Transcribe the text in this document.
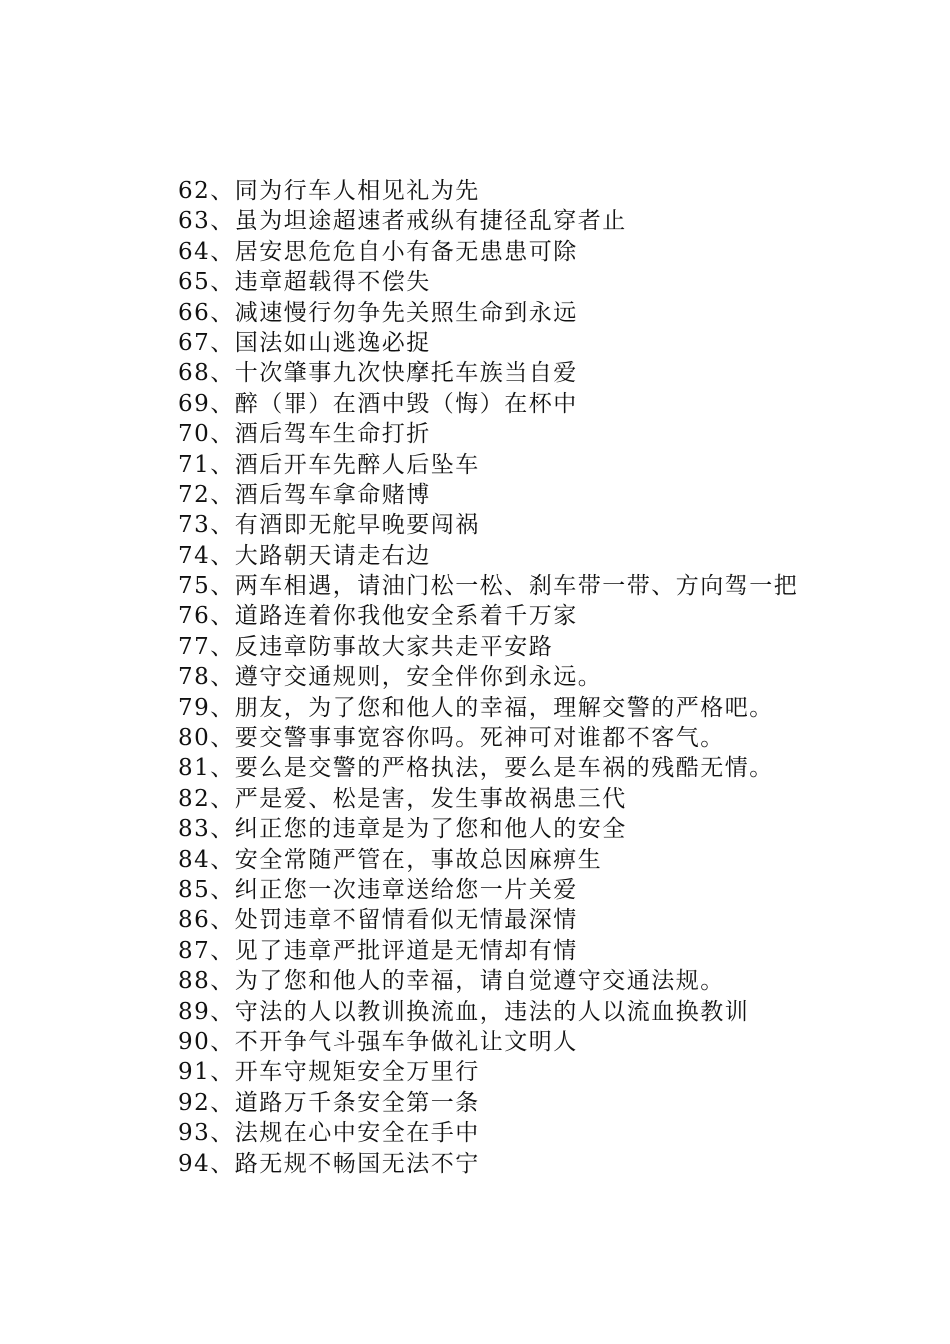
62、同为行车人相见礼为先
63、虽为坦途超速者戒纵有捷径乱穿者止
64、居安思危危自小有备无患患可除
65、违章超载得不偿失
66、减速慢行勿争先关照生命到永远
67、国法如山逃逸必捉
68、十次肇事九次快摩托车族当自爱
69、醉（罪）在酒中毁（悔）在杯中
70、酒后驾车生命打折
71、酒后开车先醉人后坠车
72、酒后驾车拿命赌博
73、有酒即无舵早晚要闯祸
74、大路朝天请走右边
75、两车相遇，请油门松一松、刹车带一带、方向驾一把
76、道路连着你我他安全系着千万家
77、反违章防事故大家共走平安路
78、遵守交通规则，安全伴你到永远。
79、朋友，为了您和他人的幸福，理解交警的严格吧。
80、要交警事事宽容你吗。死神可对谁都不客气。
81、要么是交警的严格执法，要么是车祸的残酷无情。
82、严是爱、松是害，发生事故祸患三代
83、纠正您的违章是为了您和他人的安全
84、安全常随严管在，事故总因麻痹生
85、纠正您一次违章送给您一片关爱
86、处罚违章不留情看似无情最深情
87、见了违章严批评道是无情却有情
88、为了您和他人的幸福，请自觉遵守交通法规。
89、守法的人以教训换流血，违法的人以流血换教训
90、不开争气斗强车争做礼让文明人
91、开车守规矩安全万里行
92、道路万千条安全第一条
93、法规在心中安全在手中
94、路无规不畅国无法不宁
